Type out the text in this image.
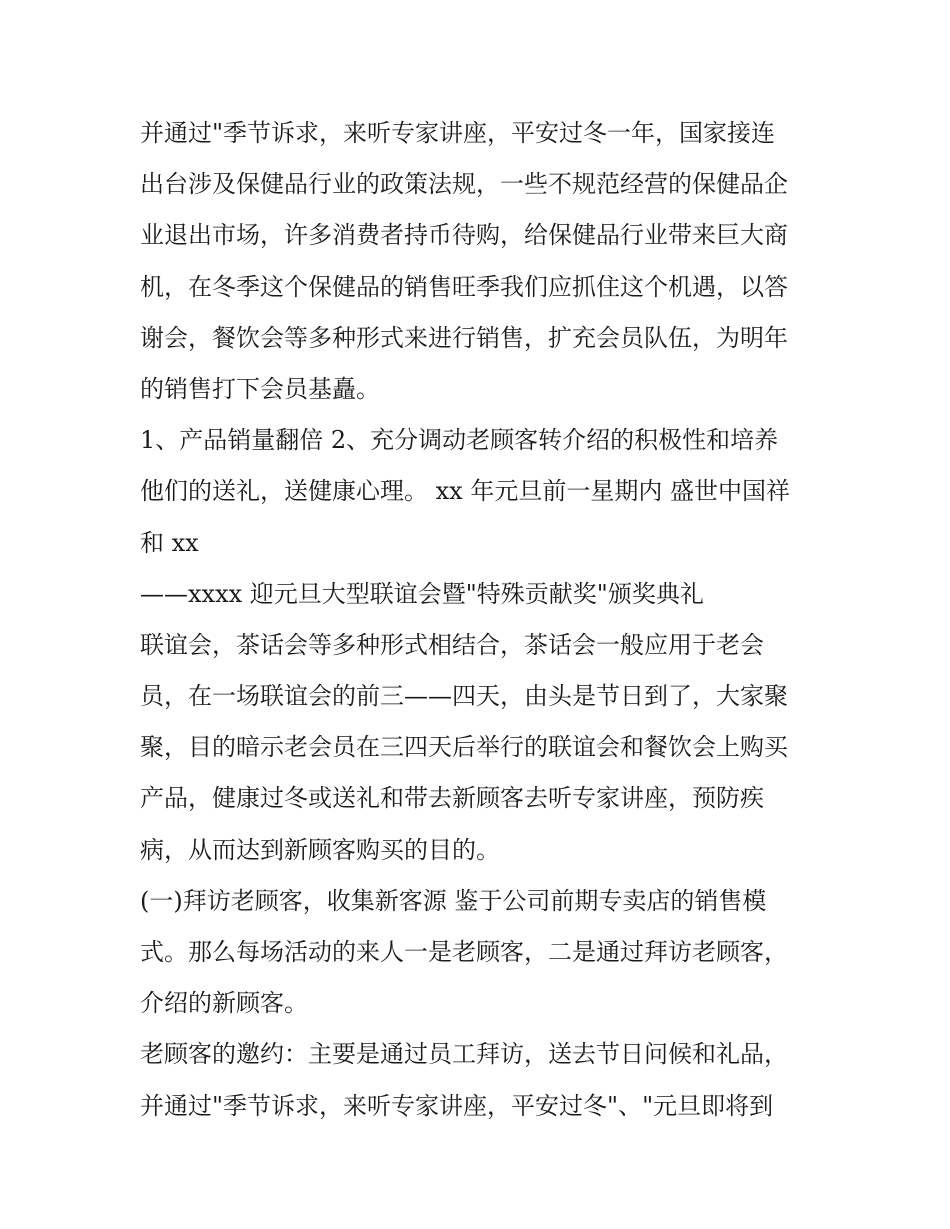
并通过"季节诉求，来听专家讲座，平安过冬一年，国家接连
出台涉及保健品行业的政策法规，一些不规范经营的保健品企
业退出市场，许多消费者持币待购，给保健品行业带来巨大商
机，在冬季这个保健品的销售旺季我们应抓住这个机遇，以答
谢会，餐饮会等多种形式来进行销售，扩充会员队伍，为明年
的销售打下会员基矗。
1、产品销量翻倍 2、充分调动老顾客转介绍的积极性和培养
他们的送礼，送健康心理。 xx 年元旦前一星期内 盛世中国祥
和 xx
——xxxx 迎元旦大型联谊会暨"特殊贡献奖"颁奖典礼
联谊会，茶话会等多种形式相结合，茶话会一般应用于老会
员，在一场联谊会的前三——四天，由头是节日到了，大家聚
聚，目的暗示老会员在三四天后举行的联谊会和餐饮会上购买
产品，健康过冬或送礼和带去新顾客去听专家讲座，预防疾
病，从而达到新顾客购买的目的。
(一)拜访老顾客，收集新客源 鉴于公司前期专卖店的销售模
式。那么每场活动的来人一是老顾客，二是通过拜访老顾客，
介绍的新顾客。
老顾客的邀约：主要是通过员工拜访，送去节日问候和礼品，
并通过"季节诉求，来听专家讲座，平安过冬"、"元旦即将到
